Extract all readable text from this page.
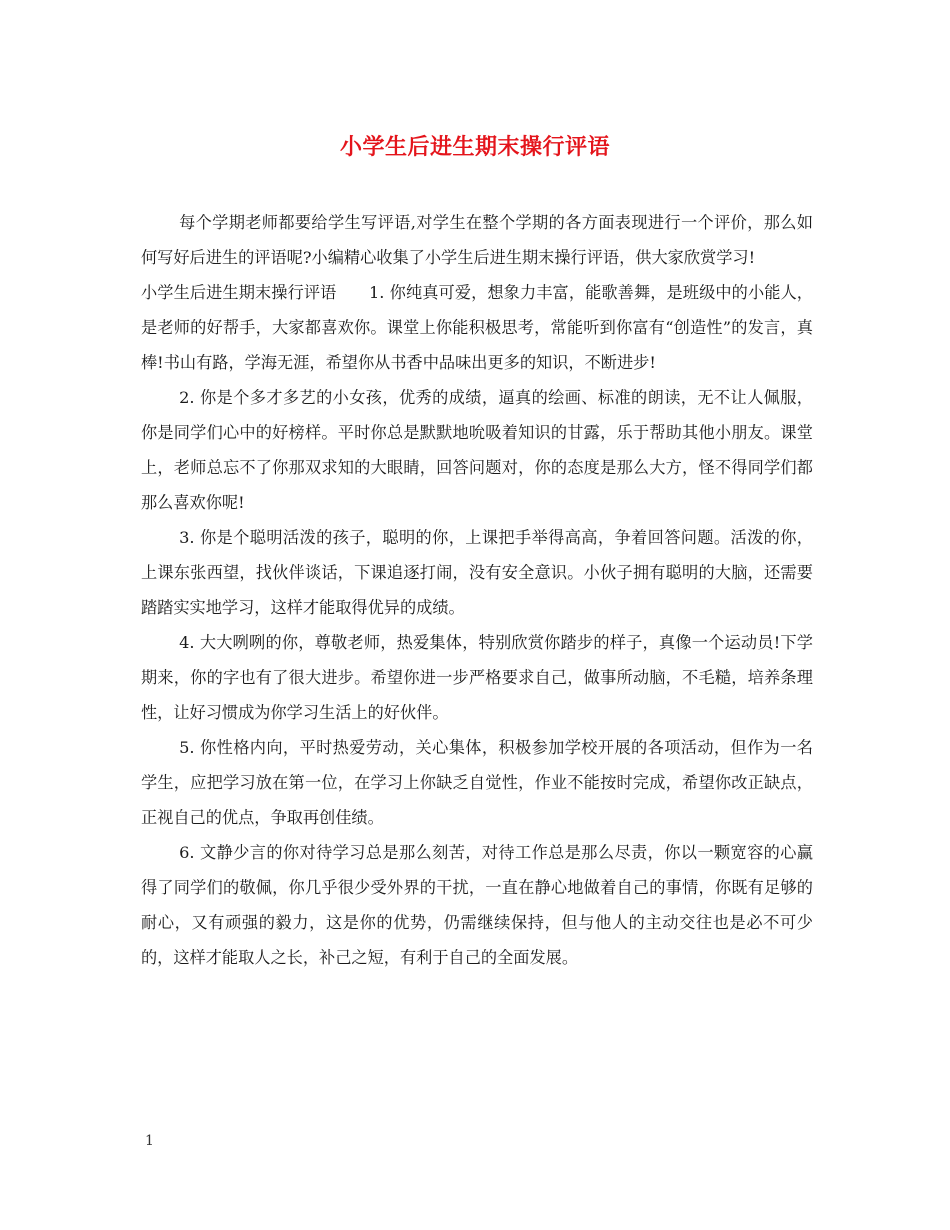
小学生后进生期末操行评语

每个学期老师都要给学生写评语,对学生在整个学期的各方面表现进行一个评价，那么如何写好后进生的评语呢?小编精心收集了小学生后进生期末操行评语，供大家欣赏学习!

小学生后进生期末操行评语　　1. 你纯真可爱，想象力丰富，能歌善舞，是班级中的小能人，是老师的好帮手，大家都喜欢你。课堂上你能积极思考，常能听到你富有“创造性”的发言，真棒!书山有路，学海无涯，希望你从书香中品味出更多的知识，不断进步!

2. 你是个多才多艺的小女孩，优秀的成绩，逼真的绘画、标准的朗读，无不让人佩服，你是同学们心中的好榜样。平时你总是默默地吮吸着知识的甘露，乐于帮助其他小朋友。课堂上，老师总忘不了你那双求知的大眼睛，回答问题对，你的态度是那么大方，怪不得同学们都那么喜欢你呢!

3. 你是个聪明活泼的孩子，聪明的你，上课把手举得高高，争着回答问题。活泼的你，上课东张西望，找伙伴谈话，下课追逐打闹，没有安全意识。小伙子拥有聪明的大脑，还需要踏踏实实地学习，这样才能取得优异的成绩。

4. 大大咧咧的你，尊敬老师，热爱集体，特别欣赏你踏步的样子，真像一个运动员!下学期来，你的字也有了很大进步。希望你进一步严格要求自己，做事所动脑，不毛糙，培养条理性，让好习惯成为你学习生活上的好伙伴。

5. 你性格内向，平时热爱劳动，关心集体，积极参加学校开展的各项活动，但作为一名学生，应把学习放在第一位，在学习上你缺乏自觉性，作业不能按时完成，希望你改正缺点，正视自己的优点，争取再创佳绩。

6. 文静少言的你对待学习总是那么刻苦，对待工作总是那么尽责，你以一颗宽容的心赢得了同学们的敬佩，你几乎很少受外界的干扰，一直在静心地做着自己的事情，你既有足够的耐心，又有顽强的毅力，这是你的优势，仍需继续保持，但与他人的主动交往也是必不可少的，这样才能取人之长，补己之短，有利于自己的全面发展。

1
